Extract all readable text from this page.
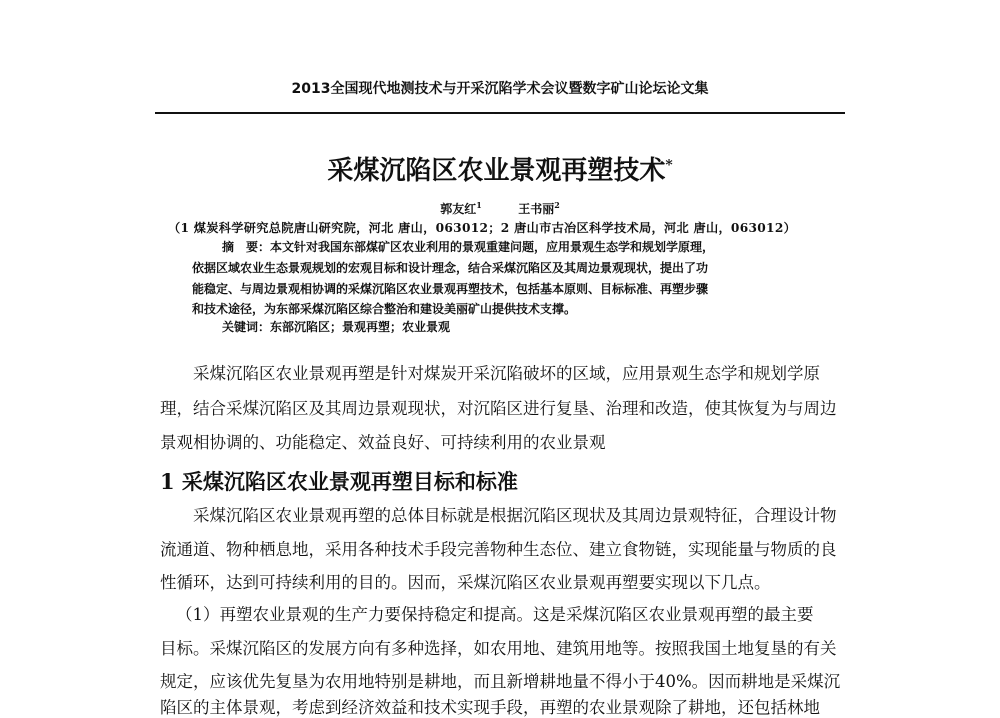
2013全国现代地测技术与开采沉陷学术会议暨数字矿山论坛论文集
采煤沉陷区农业景观再塑技术*
郭友红$^1$	王书丽$^2$
（1 煤炭科学研究总院唐山研究院，河北 唐山，063012；2 唐山市古冶区科学技术局，河北 唐山，063012）
摘　要：本文针对我国东部煤矿区农业利用的景观重建问题，应用景观生态学和规划学原理，
依据区域农业生态景观规划的宏观目标和设计理念，结合采煤沉陷区及其周边景观现状，提出了功
能稳定、与周边景观相协调的采煤沉陷区农业景观再塑技术，包括基本原则、目标标准、再塑步骤
和技术途径，为东部采煤沉陷区综合整治和建设美丽矿山提供技术支撑。
关键词：东部沉陷区；景观再塑；农业景观
采煤沉陷区农业景观再塑是针对煤炭开采沉陷破坏的区域，应用景观生态学和规划学原
理，结合采煤沉陷区及其周边景观现状，对沉陷区进行复垦、治理和改造，使其恢复为与周边
景观相协调的、功能稳定、效益良好、可持续利用的农业景观
1 采煤沉陷区农业景观再塑目标和标准
采煤沉陷区农业景观再塑的总体目标就是根据沉陷区现状及其周边景观特征，合理设计物
流通道、物种栖息地，采用各种技术手段完善物种生态位、建立食物链，实现能量与物质的良
性循环，达到可持续利用的目的。因而，采煤沉陷区农业景观再塑要实现以下几点。
（1）再塑农业景观的生产力要保持稳定和提高。这是采煤沉陷区农业景观再塑的最主要
目标。采煤沉陷区的发展方向有多种选择，如农用地、建筑用地等。按照我国土地复垦的有关
规定，应该优先复垦为农用地特别是耕地，而且新增耕地量不得小于40%。因而耕地是采煤沉
陷区的主体景观，考虑到经济效益和技术实现手段，再塑的农业景观除了耕地，还包括林地
